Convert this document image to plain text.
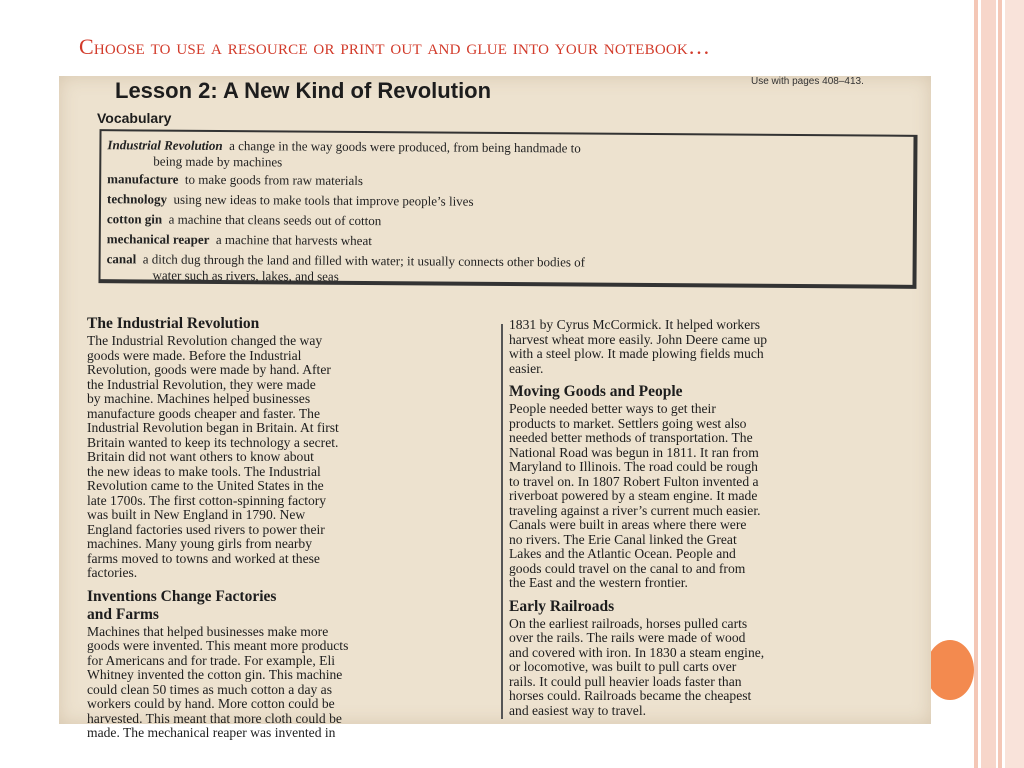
Choose to use a resource or print out and glue into your notebook…
Lesson 2: A New Kind of Revolution	Use with pages 408–413.
Vocabulary
Industrial Revolution a change in the way goods were produced, from being handmade to
being made by machines
manufacture to make goods from raw materials
technology using new ideas to make tools that improve people’s lives
cotton gin a machine that cleans seeds out of cotton
mechanical reaper a machine that harvests wheat
canal a ditch dug through the land and filled with water; it usually connects other bodies of
water such as rivers, lakes, and seas
The Industrial Revolution
The Industrial Revolution changed the way
goods were made. Before the Industrial
Revolution, goods were made by hand. After
the Industrial Revolution, they were made
by machine. Machines helped businesses
manufacture goods cheaper and faster. The
Industrial Revolution began in Britain. At first
Britain wanted to keep its technology a secret.
Britain did not want others to know about
the new ideas to make tools. The Industrial
Revolution came to the United States in the
late 1700s. The first cotton-spinning factory
was built in New England in 1790. New
England factories used rivers to power their
machines. Many young girls from nearby
farms moved to towns and worked at these
factories.
Inventions Change Factories
and Farms
Machines that helped businesses make more
goods were invented. This meant more products
for Americans and for trade. For example, Eli
Whitney invented the cotton gin. This machine
could clean 50 times as much cotton a day as
workers could by hand. More cotton could be
harvested. This meant that more cloth could be
made. The mechanical reaper was invented in
1831 by Cyrus McCormick. It helped workers
harvest wheat more easily. John Deere came up
with a steel plow. It made plowing fields much
easier.
Moving Goods and People
People needed better ways to get their
products to market. Settlers going west also
needed better methods of transportation. The
National Road was begun in 1811. It ran from
Maryland to Illinois. The road could be rough
to travel on. In 1807 Robert Fulton invented a
riverboat powered by a steam engine. It made
traveling against a river’s current much easier.
Canals were built in areas where there were
no rivers. The Erie Canal linked the Great
Lakes and the Atlantic Ocean. People and
goods could travel on the canal to and from
the East and the western frontier.
Early Railroads
On the earliest railroads, horses pulled carts
over the rails. The rails were made of wood
and covered with iron. In 1830 a steam engine,
or locomotive, was built to pull carts over
rails. It could pull heavier loads faster than
horses could. Railroads became the cheapest
and easiest way to travel.
